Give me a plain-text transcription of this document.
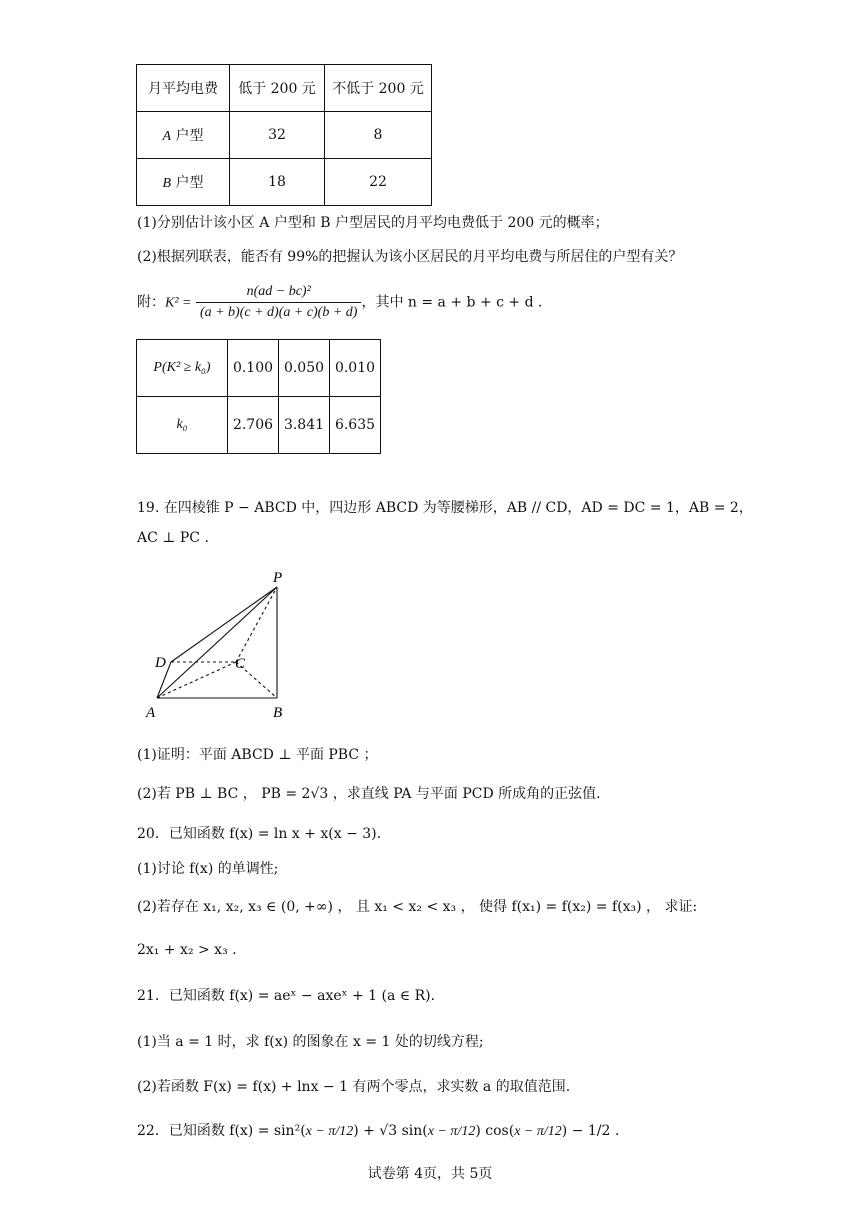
月平均电费	低于 200 元	不低于 200 元
A 户型	32	8
B 户型	18	22
(1)分别估计该小区 A 户型和 B 户型居民的月平均电费低于 200 元的概率；
(2)根据列联表，能否有 99%的把握认为该小区居民的月平均电费与所居住的户型有关？
附：$K^2 = \frac{\text{n(ad − bc)²}}{(a + b)(c + d)(a + c)(b + d)}$ ，其中 n = a + b + c + d .
P(K² ≥ k₀)	0.100	0.050	0.010
k₀	2.706	3.841	6.635
19. 在四棱锥 P − ABCD 中，四边形 ABCD 为等腰梯形，AB // CD，AD = DC = 1，AB = 2，
AC ⊥ PC .
P
D	C
A	B
(1)证明：平面 ABCD ⊥ 平面 PBC ；
(2)若 PB ⊥ BC ， PB = 2√3 ，求直线 PA 与平面 PCD 所成角的正弦值.
20．已知函数 f(x) = ln x + x(x − 3).
(1)讨论 f(x) 的单调性;
(2)若存在 x₁, x₂, x₃ ∈ (0, +∞) ， 且 x₁ < x₂ < x₃ ， 使得 f(x₁) = f(x₂) = f(x₃) ， 求证:
2x₁ + x₂ > x₃ .
21．已知函数 f(x) = aeˣ − axeˣ + 1 (a ∈ R).
(1)当 a = 1 时，求 f(x) 的图象在 x = 1 处的切线方程;
(2)若函数 F(x) = f(x) + lnx − 1 有两个零点，求实数 a 的取值范围.
22．已知函数 f(x) = sin²(x − π/12) + √3 sin(x − π/12) cos(x − π/12) − 1/2 .
试卷第 4页，共 5页
